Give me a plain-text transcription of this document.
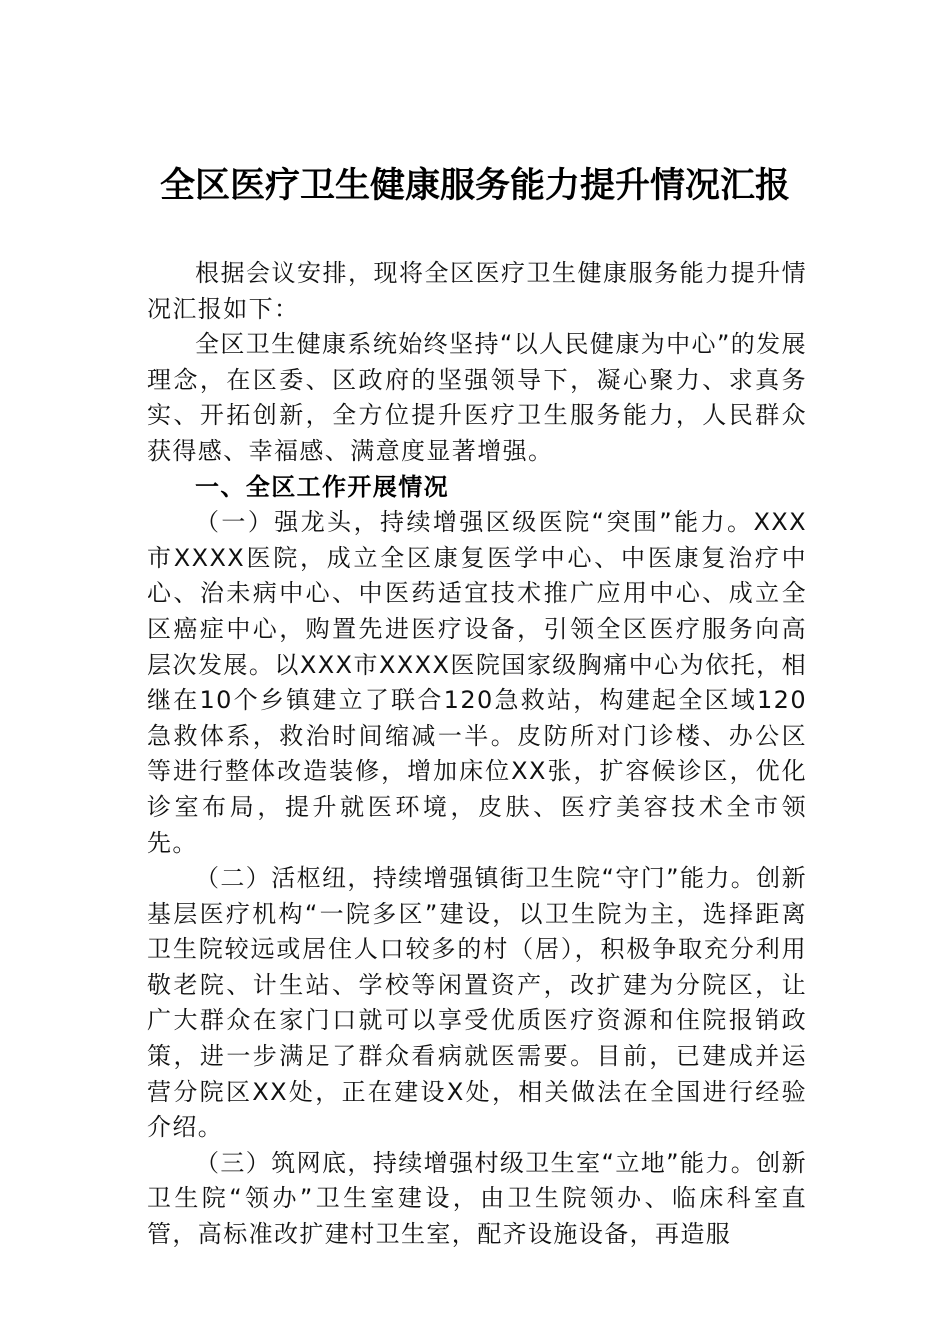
全区医疗卫生健康服务能力提升情况汇报

根据会议安排，现将全区医疗卫生健康服务能力提升情况汇报如下：

全区卫生健康系统始终坚持“以人民健康为中心”的发展理念，在区委、区政府的坚强领导下，凝心聚力、求真务实、开拓创新，全方位提升医疗卫生服务能力，人民群众获得感、幸福感、满意度显著增强。

一、全区工作开展情况

（一）强龙头，持续增强区级医院“突围”能力。XXX市XXXX医院，成立全区康复医学中心、中医康复治疗中心、治未病中心、中医药适宜技术推广应用中心、成立全区癌症中心，购置先进医疗设备，引领全区医疗服务向高层次发展。以XXX市XXXX医院国家级胸痛中心为依托，相继在10个乡镇建立了联合120急救站，构建起全区域120急救体系，救治时间缩减一半。皮防所对门诊楼、办公区等进行整体改造装修，增加床位XX张，扩容候诊区，优化诊室布局，提升就医环境，皮肤、医疗美容技术全市领先。

（二）活枢纽，持续增强镇街卫生院“守门”能力。创新基层医疗机构“一院多区”建设，以卫生院为主，选择距离卫生院较远或居住人口较多的村（居），积极争取充分利用敬老院、计生站、学校等闲置资产，改扩建为分院区，让广大群众在家门口就可以享受优质医疗资源和住院报销政策，进一步满足了群众看病就医需要。目前，已建成并运营分院区XX处，正在建设X处，相关做法在全国进行经验介绍。

（三）筑网底，持续增强村级卫生室“立地”能力。创新卫生院“领办”卫生室建设，由卫生院领办、临床科室直管，高标准改扩建村卫生室，配齐设施设备，再造服
